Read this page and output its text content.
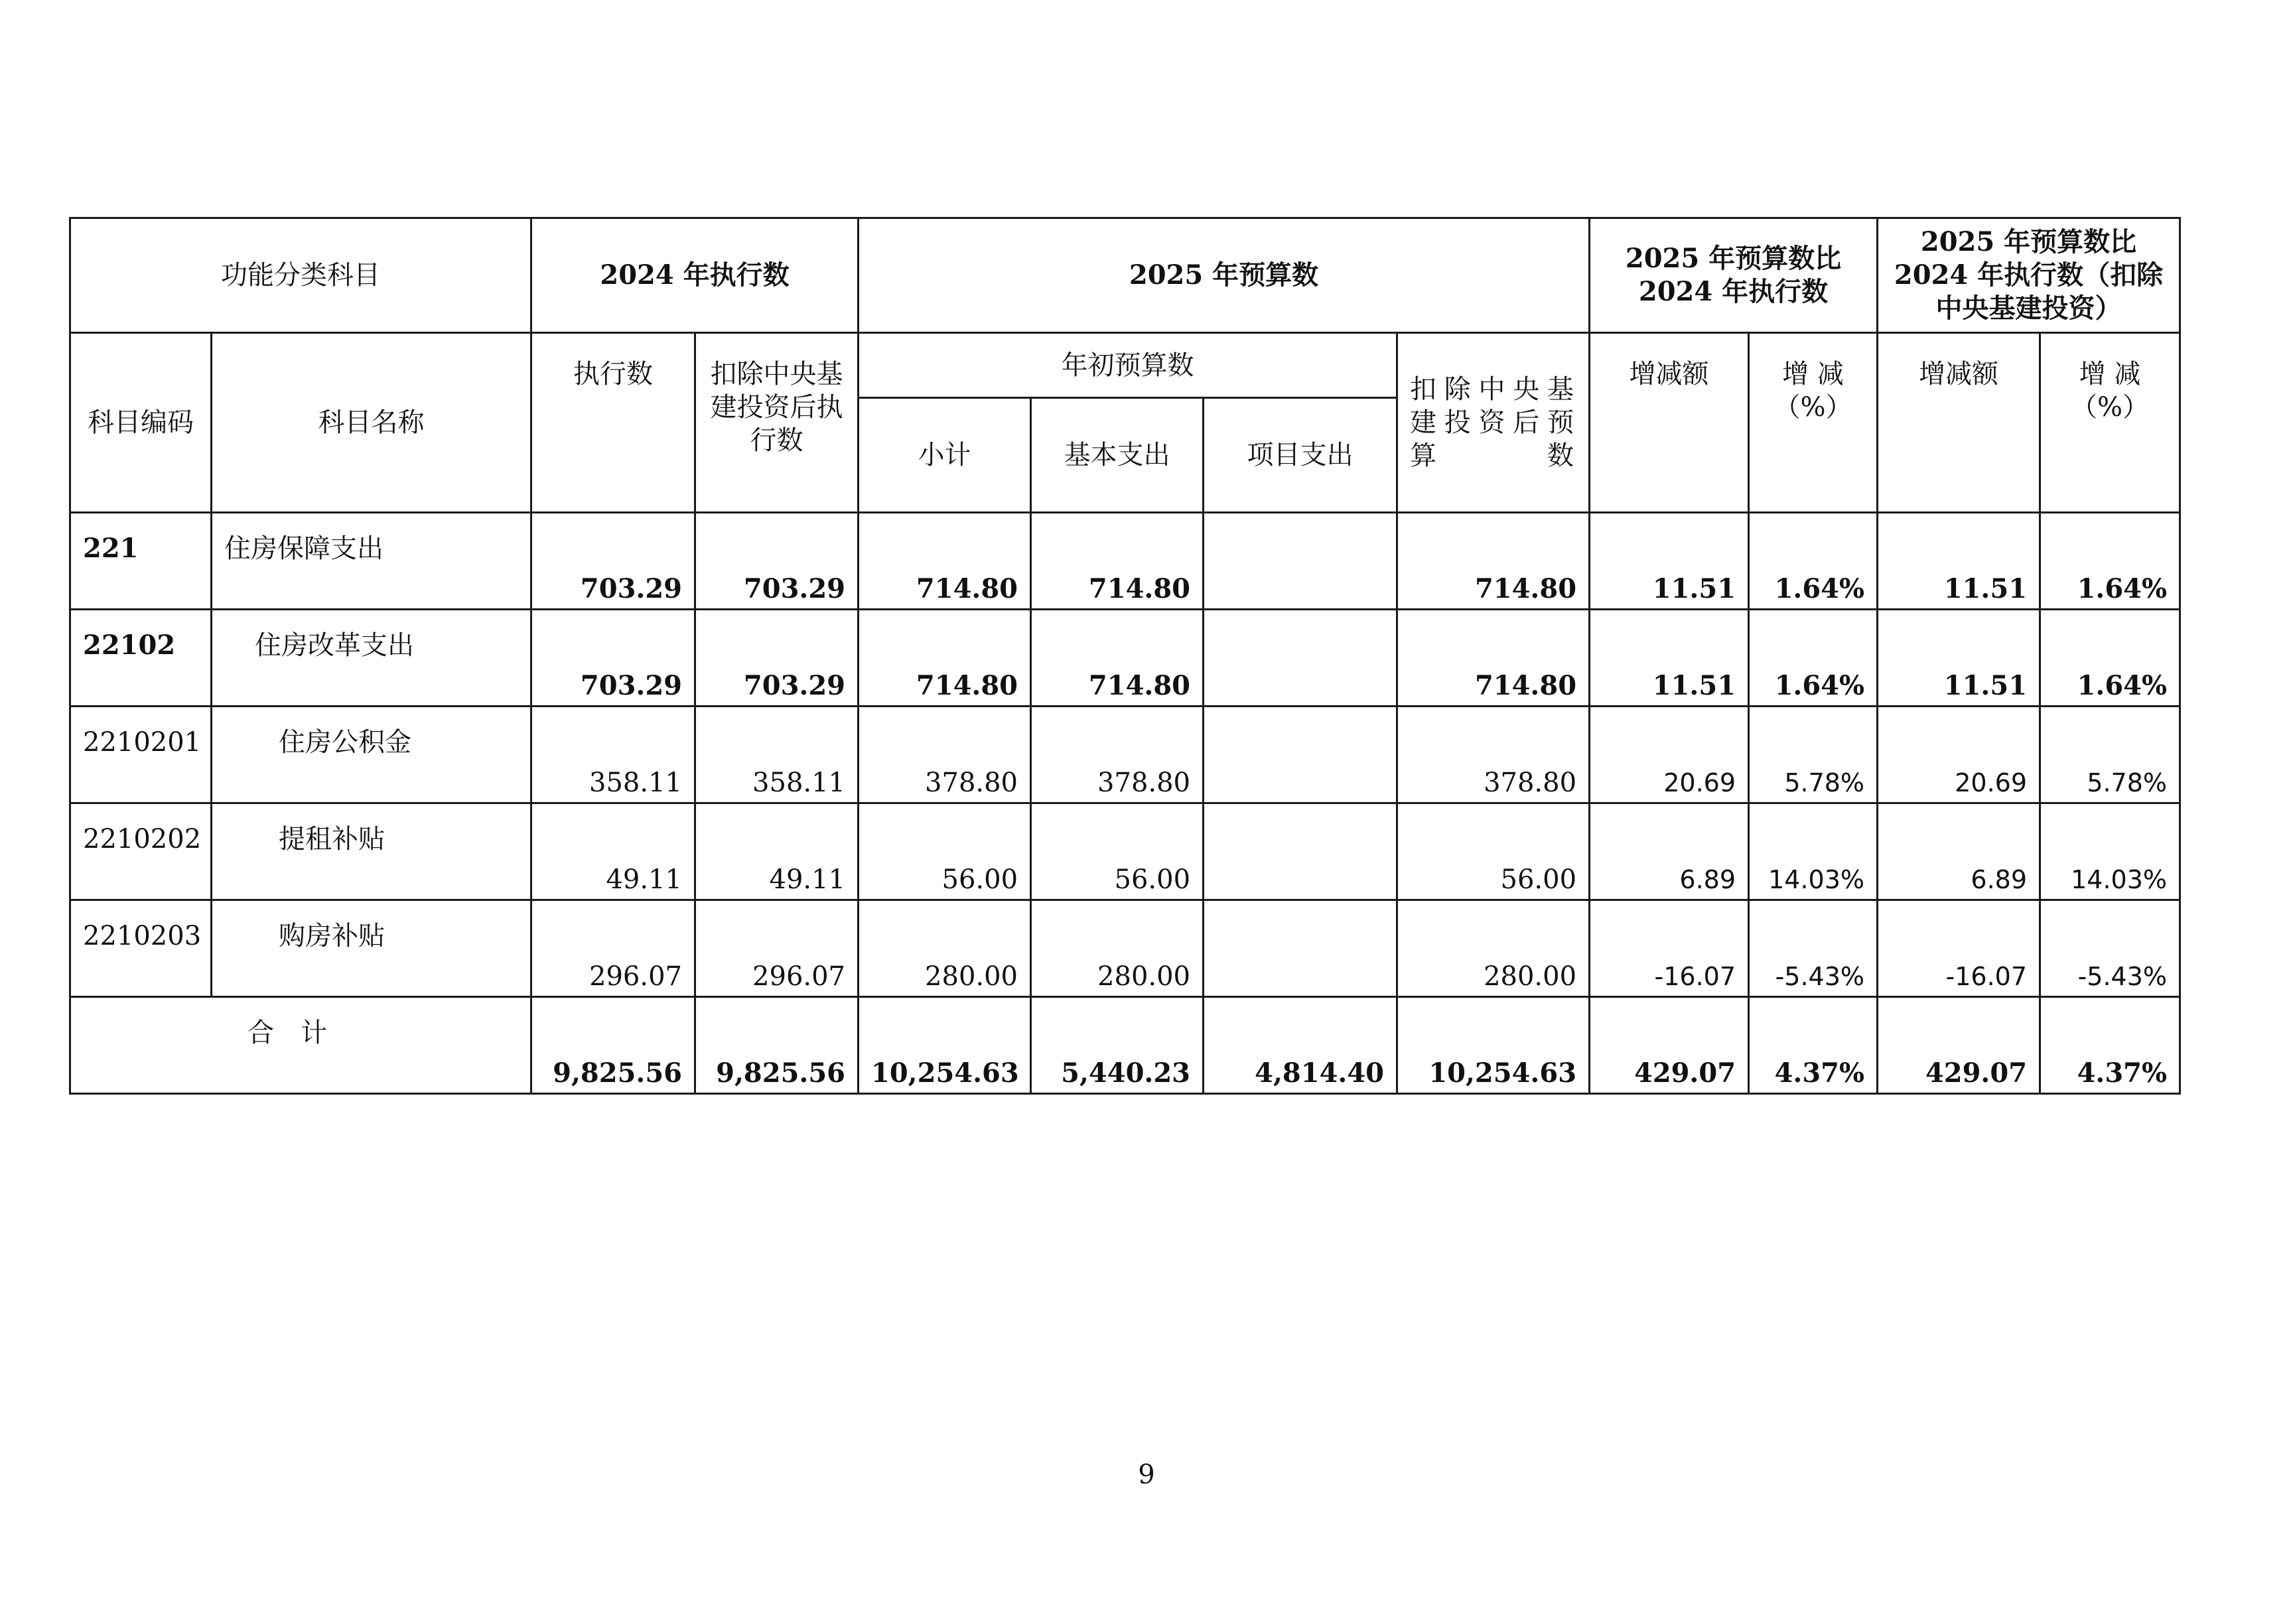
功能分类科目		2024 年执行数		2025 年预算数				2025 年预算数比 2024 年执行数		2025 年预算数比 2024 年执行数（扣除中央基建投资）	
科目编码	科目名称	执行数	扣除中央基建投资后执行数	年初预算数			扣除中央基建投资后预算数	增减额	增 减（%）	增减额	增 减（%）
				小计	基本支出	项目支出					
221	住房保障支出	703.29	703.29	714.80	714.80		714.80	11.51	1.64%	11.51	1.64%
22102	住房改革支出	703.29	703.29	714.80	714.80		714.80	11.51	1.64%	11.51	1.64%
2210201	住房公积金	358.11	358.11	378.80	378.80		378.80	20.69	5.78%	20.69	5.78%
2210202	提租补贴	49.11	49.11	56.00	56.00		56.00	6.89	14.03%	6.89	14.03%
2210203	购房补贴	296.07	296.07	280.00	280.00		280.00	-16.07	-5.43%	-16.07	-5.43%
合计		9,825.56	9,825.56	10,254.63	5,440.23	4,814.40	10,254.63	429.07	4.37%	429.07	4.37%
9
